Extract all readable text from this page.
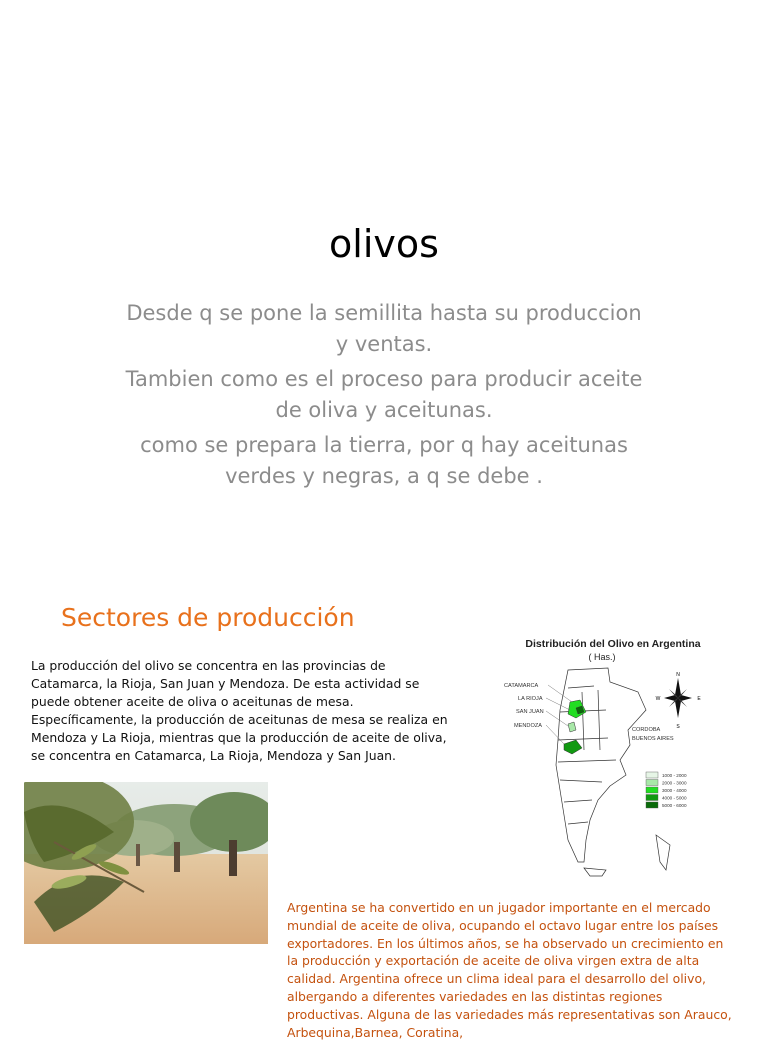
olivos

Desde q se pone la semillita hasta su produccion y ventas.

Tambien como es el proceso para producir aceite de oliva y aceitunas.

como se prepara la tierra, por q hay aceitunas verdes y negras, a q se debe .

Sectores de producción
La producción del olivo se concentra en las provincias de Catamarca, la Rioja, San Juan y Mendoza. De esta actividad se puede obtener aceite de oliva o aceitunas de mesa. Específicamente, la producción de aceitunas de mesa se realiza en Mendoza y La Rioja, mientras que la producción de aceite de oliva, se concentra en Catamarca, La Rioja, Mendoza y San Juan.
Distribución del Olivo en Argentina
( Has.)
CATAMARCA
LA RIOJA
SAN JUAN
MENDOZA
CORDOBA
BUENOS AIRES
N
E
W
S
1000 - 2000
2000 - 3000
3000 - 4000
4000 - 5000
5000 - 6000
Argentina se ha convertido en un jugador importante en el mercado mundial de aceite de oliva, ocupando el octavo lugar entre los países exportadores. En los últimos años, se ha observado un crecimiento en la producción y exportación de aceite de oliva virgen extra de alta calidad. Argentina ofrece un clima ideal para el desarrollo del olivo, albergando a diferentes variedades en las distintas regiones productivas. Alguna de las variedades más representativas son Arauco, Arbequina,Barnea, Coratina,
